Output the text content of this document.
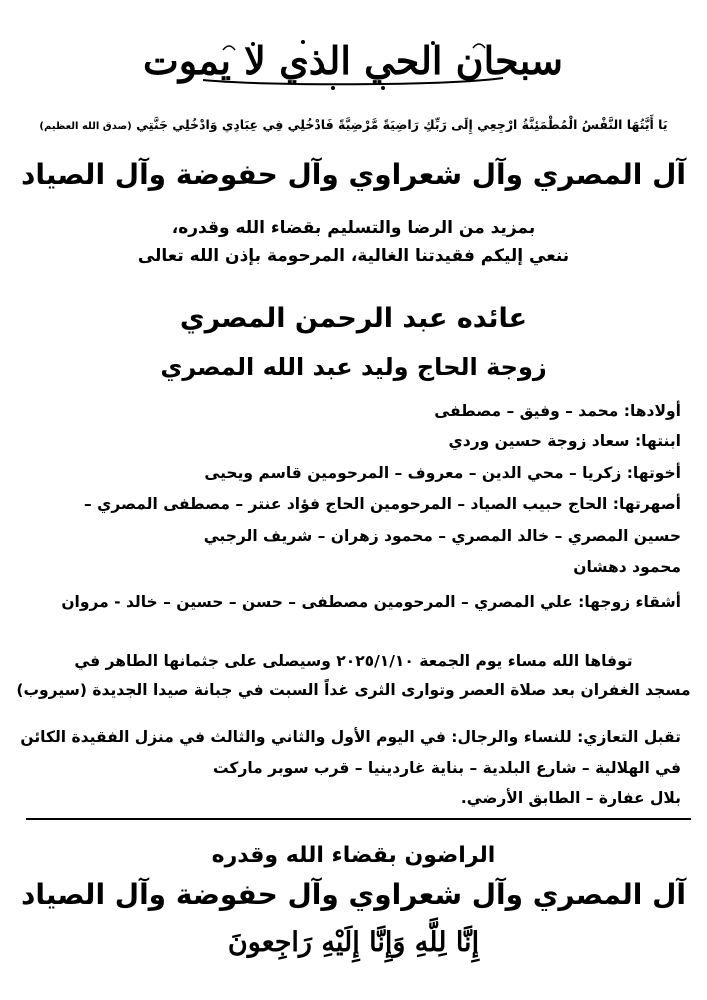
سبحان الحي الذي لا يموت
يَا أَيَّتُهَا النَّفْسُ الْمُطْمَئِنَّةُ ارْجِعِي إِلَى رَبِّكِ رَاضِيَةً مَّرْضِيَّةً فَادْخُلِي فِي عِبَادِي وَادْخُلِي جَنَّتِي (صدق الله العظيم)
آل المصري وآل شعراوي وآل حفوضة وآل الصياد
بمزيد من الرضا والتسليم بقضاء الله وقدره،
ننعي إليكم فقيدتنا الغالية، المرحومة بإذن الله تعالى
عائده عبد الرحمن المصري
زوجة الحاج وليد عبد الله المصري
أولادها: محمد – وفيق – مصطفى
ابنتها: سعاد زوجة حسين وردي
أخوتها: زكريا – محي الدين – معروف – المرحومين قاسم ويحيى
أصهرتها: الحاج حبيب الصياد – المرحومين الحاج فؤاد عنتر – مصطفى المصري –
حسين المصري – خالد المصري – محمود زهران – شريف الرجبي
محمود دهشان
أشقاء زوجها: علي المصري – المرحومين مصطفى – حسن – حسين – خالد - مروان
توفاها الله مساء يوم الجمعة ٢٠٢٥/١/١٠ وسيصلى على جثمانها الطاهر في
مسجد الغفران بعد صلاة العصر وتوارى الثرى غداً السبت في جبانة صيدا الجديدة (سيروب)
تقبل التعازي: للنساء والرجال: في اليوم الأول والثاني والثالث في منزل الفقيدة الكائن
في الهلالية – شارع البلدية – بناية غاردينيا – قرب سوبر ماركت
بلال عفارة – الطابق الأرضي.
الراضون بقضاء الله وقدره
آل المصري وآل شعراوي وآل حفوضة وآل الصياد
إِنَّا لِلَّهِ وَإِنَّا إِلَيْهِ رَاجِعونَ
